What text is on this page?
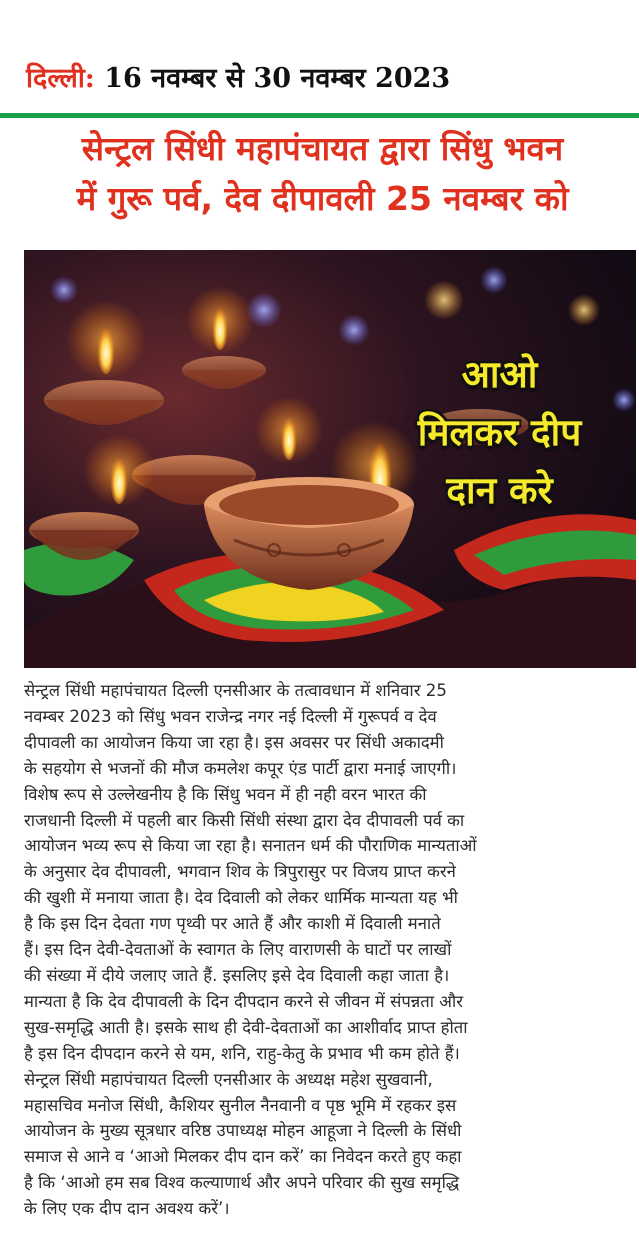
दिल्ली: 16 नवम्बर से 30 नवम्बर 2023
सेन्ट्रल सिंधी महापंचायत द्वारा सिंधु भवन
में गुरू पर्व, देव दीपावली 25 नवम्बर को
आओ
मिलकर दीप
दान करे
सेन्ट्रल सिंधी महापंचायत दिल्ली एनसीआर के तत्वावधान में शनिवार 25
नवम्बर 2023 को सिंधु भवन राजेन्द्र नगर नई दिल्ली में गुरूपर्व व देव
दीपावली का आयोजन किया जा रहा है। इस अवसर पर सिंधी अकादमी
के सहयोग से भजनों की मौज कमलेश कपूर एंड पार्टी द्वारा मनाई जाएगी।
विशेष रूप से उल्लेखनीय है कि सिंधु भवन में ही नही वरन भारत की
राजधानी दिल्ली में पहली बार किसी सिंधी संस्था द्वारा देव दीपावली पर्व का
आयोजन भव्य रूप से किया जा रहा है। सनातन धर्म की पौराणिक मान्यताओं
के अनुसार देव दीपावली, भगवान शिव के त्रिपुरासुर पर विजय प्राप्त करने
की खुशी में मनाया जाता है। देव दिवाली को लेकर धार्मिक मान्यता यह भी
है कि इस दिन देवता गण पृथ्वी पर आते हैं और काशी में दिवाली मनाते
हैं। इस दिन देवी-देवताओं के स्वागत के लिए वाराणसी के घाटों पर लाखों
की संख्या में दीये जलाए जाते हैं. इसलिए इसे देव दिवाली कहा जाता है।
मान्यता है कि देव दीपावली के दिन दीपदान करने से जीवन में संपन्नता और
सुख-समृद्धि आती है। इसके साथ ही देवी-देवताओं का आशीर्वाद प्राप्त होता
है इस दिन दीपदान करने से यम, शनि, राहु-केतु के प्रभाव भी कम होते हैं।
सेन्ट्रल सिंधी महापंचायत दिल्ली एनसीआर के अध्यक्ष महेश सुखवानी,
महासचिव मनोज सिंधी, कैशियर सुनील नैनवानी व पृष्ठ भूमि में रहकर इस
आयोजन के मुख्य सूत्रधार वरिष्ठ उपाध्यक्ष मोहन आहूजा ने दिल्ली के सिंधी
समाज से आने व ‘आओ मिलकर दीप दान करें’ का निवेदन करते हुए कहा
है कि ‘आओ हम सब विश्व कल्याणार्थ और अपने परिवार की सुख समृद्धि
के लिए एक दीप दान अवश्य करें’।
